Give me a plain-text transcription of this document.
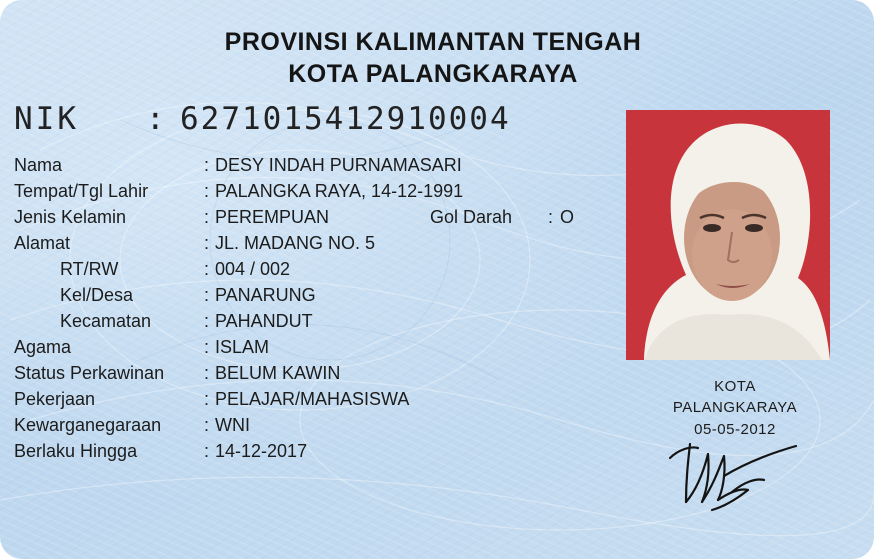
PROVINSI KALIMANTAN TENGAH
KOTA PALANGKARAYA
NIK : 6271015412910004
Nama	: DESY INDAH PURNAMASARI
Tempat/Tgl Lahir	: PALANGKA RAYA, 14-12-1991
Jenis Kelamin	: PEREMPUAN	Gol Darah : O
Alamat	: JL. MADANG NO. 5
RT/RW	: 004 / 002
Kel/Desa	: PANARUNG
Kecamatan	: PAHANDUT
Agama	: ISLAM
Status Perkawinan : BELUM KAWIN
Pekerjaan	: PELAJAR/MAHASISWA
Kewarganegaraan : WNI
Berlaku Hingga	: 14-12-2017
KOTA
PALANGKARAYA
05-05-2012
